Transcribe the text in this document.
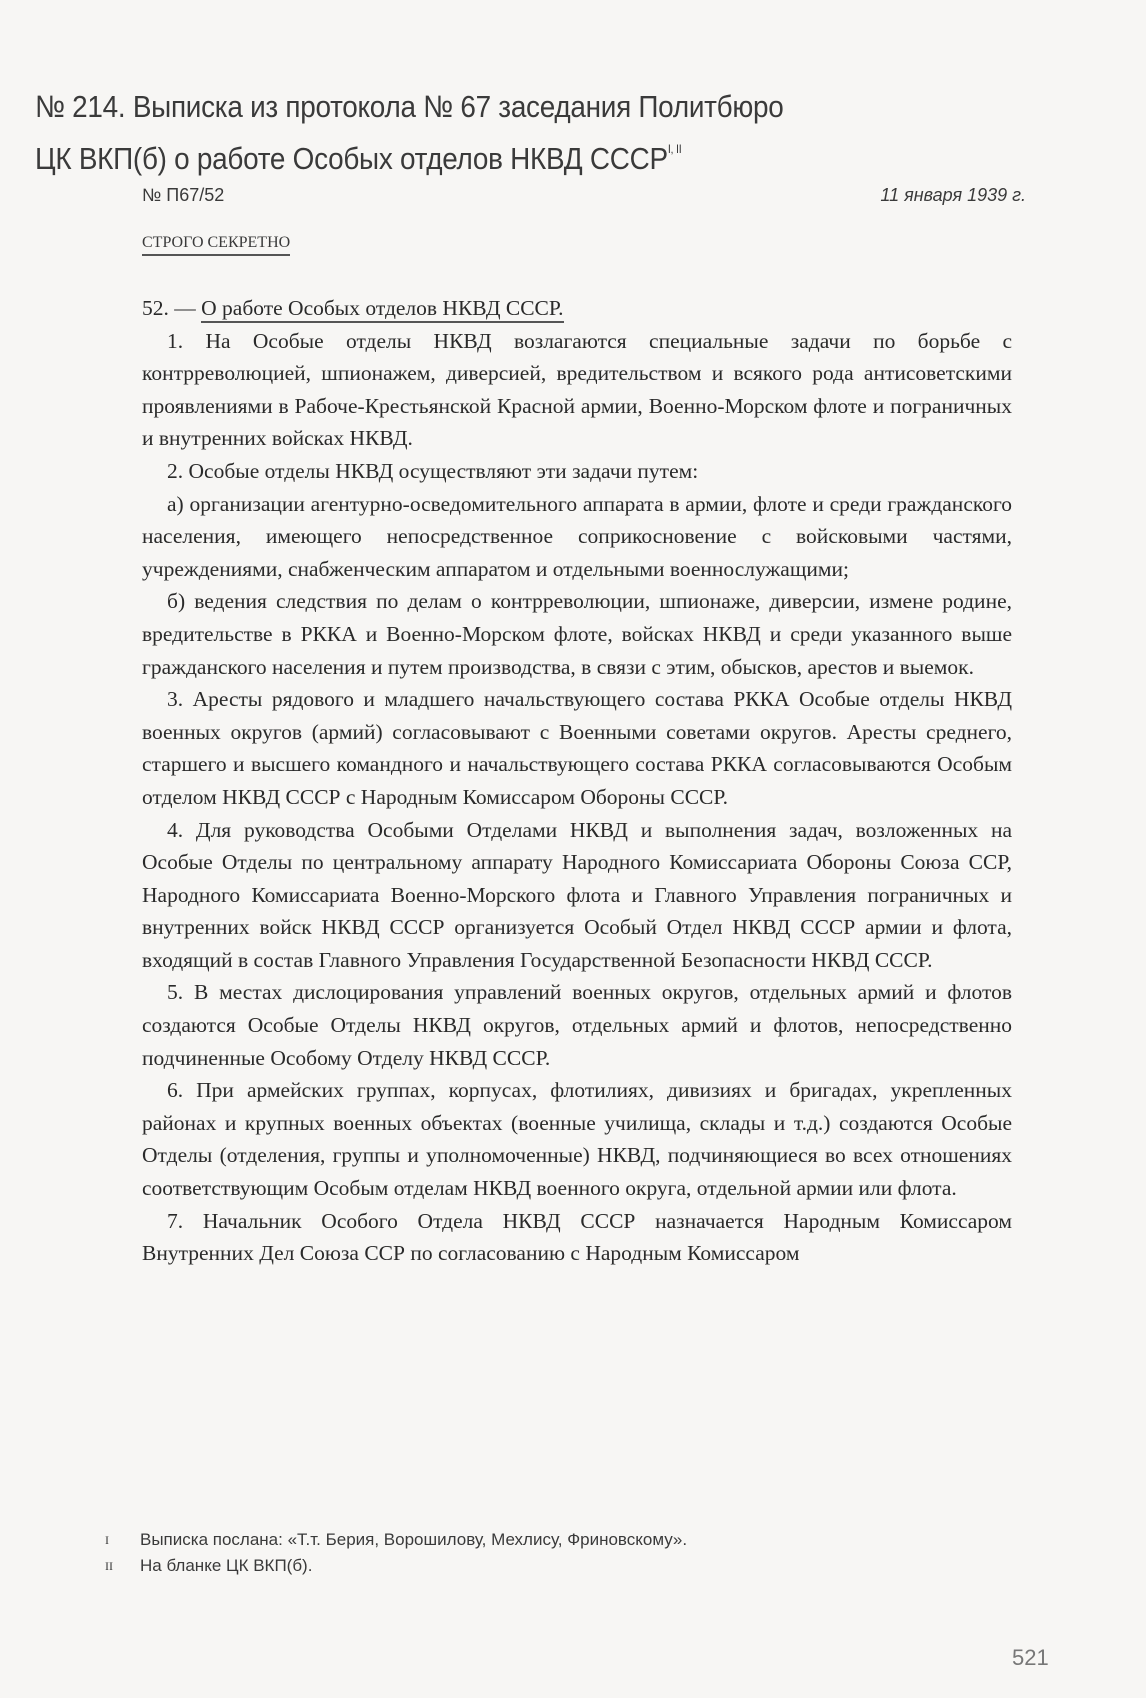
№ 214. Выписка из протокола № 67 заседания Политбюро
ЦК ВКП(б) о работе Особых отделов НКВД $СССР^{I, II}$
№ П67/52	11 января 1939 г.
СТРОГО СЕКРЕТНО

52. — О работе Особых отделов НКВД СССР.

1. На Особые отделы НКВД возлагаются специальные задачи по борьбе с контрреволюцией, шпионажем, диверсией, вредительством и всякого рода антисоветскими проявлениями в Рабоче-Крестьянской Красной армии, Военно-Морском флоте и пограничных и внутренних войсках НКВД.

2. Особые отделы НКВД осуществляют эти задачи путем:

а) организации агентурно-осведомительного аппарата в армии, флоте и среди гражданского населения, имеющего непосредственное соприкосновение с войсковыми частями, учреждениями, снабженческим аппаратом и отдельными военнослужащими;

б) ведения следствия по делам о контрреволюции, шпионаже, диверсии, измене родине, вредительстве в РККА и Военно-Морском флоте, войсках НКВД и среди указанного выше гражданского населения и путем производства, в связи с этим, обысков, арестов и выемок.

3. Аресты рядового и младшего начальствующего состава РККА Особые отделы НКВД военных округов (армий) согласовывают с Военными советами округов. Аресты среднего, старшего и высшего командного и начальствующего состава РККА согласовываются Особым отделом НКВД СССР с Народным Комиссаром Обороны СССР.

4. Для руководства Особыми Отделами НКВД и выполнения задач, возложенных на Особые Отделы по центральному аппарату Народного Комиссариата Обороны Союза ССР, Народного Комиссариата Военно-Морского флота и Главного Управления пограничных и внутренних войск НКВД СССР организуется Особый Отдел НКВД СССР армии и флота, входящий в состав Главного Управления Государственной Безопасности НКВД СССР.

5. В местах дислоцирования управлений военных округов, отдельных армий и флотов создаются Особые Отделы НКВД округов, отдельных армий и флотов, непосредственно подчиненные Особому Отделу НКВД СССР.

6. При армейских группах, корпусах, флотилиях, дивизиях и бригадах, укрепленных районах и крупных военных объектах (военные училища, склады и т.д.) создаются Особые Отделы (отделения, группы и уполномоченные) НКВД, подчиняющиеся во всех отношениях соответствующим Особым отделам НКВД военного округа, отдельной армии или флота.

7. Начальник Особого Отдела НКВД СССР назначается Народным Комиссаром Внутренних Дел Союза ССР по согласованию с Народным Комиссаром

I	Выписка послана: «Т.т. Берия, Ворошилову, Мехлису, Фриновскому».
II	На бланке ЦК ВКП(б).
521
